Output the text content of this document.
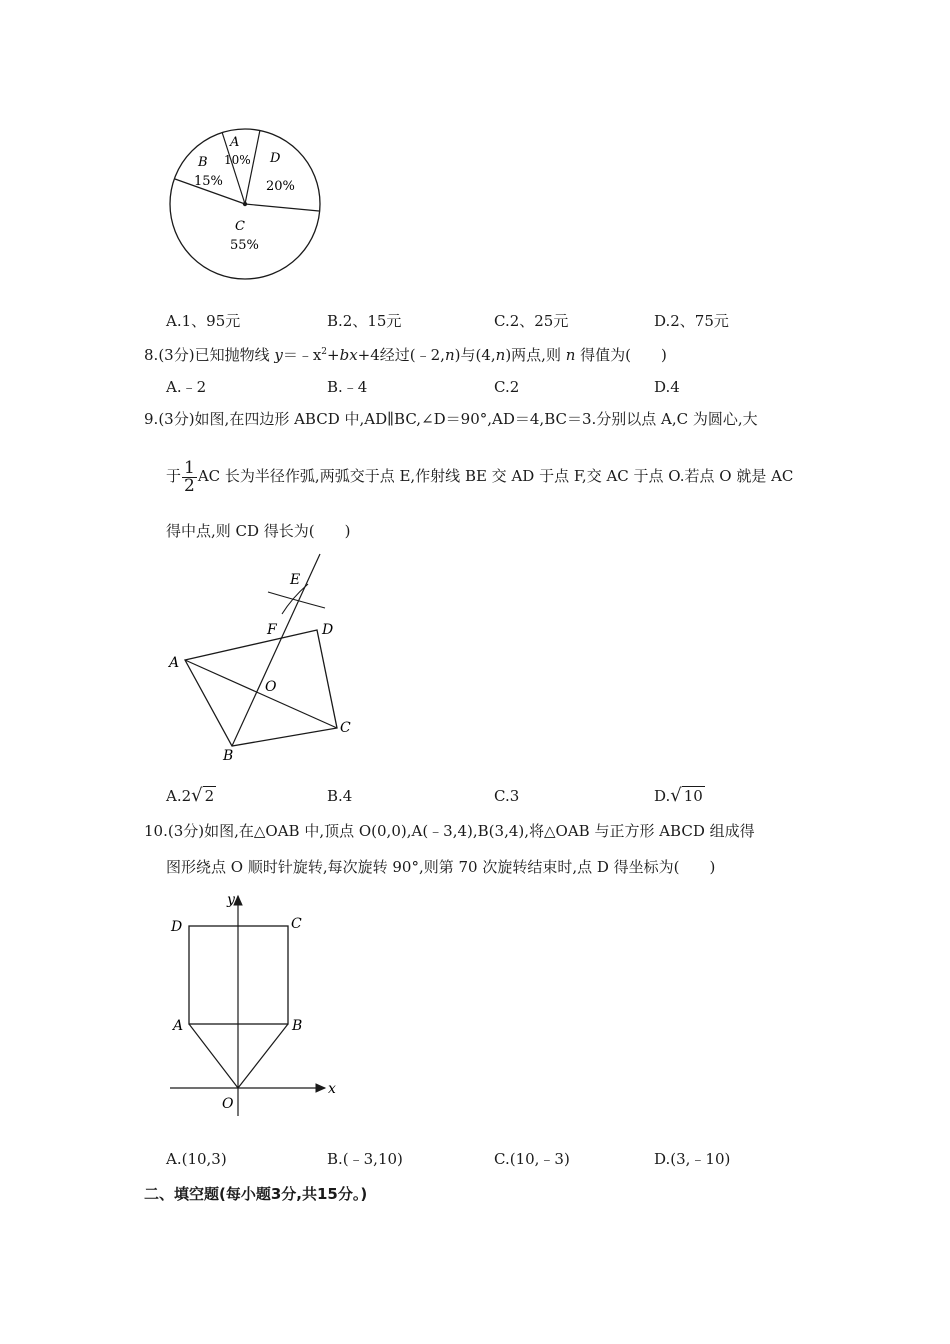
A
10%
B
15%
D
20%
C
55%
A.1、95元	B.2、15元	C.2、25元	D.2、75元
8.(3分)已知抛物线 $y=﹣x^2+bx+4$经过(﹣2,n)与(4,n)两点,则 n 得值为(　　)
A.﹣2	B.﹣4	C.2	D.4
9.(3分)如图,在四边形 ABCD 中,AD∥BC,∠D＝90°,AD＝4,BC＝3.分别以点 A,C 为圆心,大
于 $\frac{1}{2}$ AC 长为半径作弧,两弧交于点 E,作射线 BE 交 AD 于点 F,交 AC 于点 O.若点 O 就是 AC
得中点,则 CD 得长为(　　)
E
F	D
A
O
C
B
A.2√ 2	B.4	C.3	D.√ 10
10.(3分)如图,在△OAB 中,顶点 O(0,0),A(﹣3,4),B(3,4),将△OAB 与正方形 ABCD 组成得
图形绕点 O 顺时针旋转,每次旋转 90°,则第 70 次旋转结束时,点 D 得坐标为(　　)
y
x
D	C
A	B
O
A.(10,3)	B.(﹣3,10)	C.(10,﹣3)	D.(3,﹣10)
二、填空题(每小题3分,共15分。)
